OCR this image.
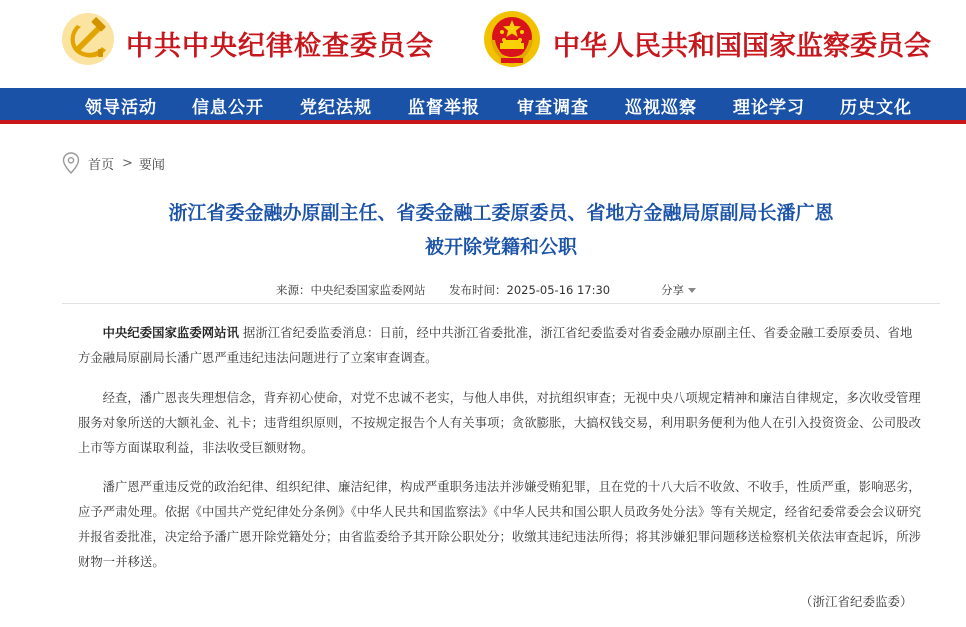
中共中央纪律检查委员会	中华人民共和国国家监察委员会
领导活动 信息公开 党纪法规 监督举报 审查调查 巡视巡察 理论学习 历史文化
首页 > 要闻
浙江省委金融办原副主任、省委金融工委原委员、省地方金融局原副局长潘广恩
被开除党籍和公职
来源：中央纪委国家监委网站 发布时间：2025-05-16 17:30	分享
中央纪委国家监委网站讯 据浙江省纪委监委消息：日前，经中共浙江省委批准，浙江省纪委监委对省委金融办原副主任、省委金融工委原委员、省地方金融局原副局长潘广恩严重违纪违法问题进行了立案审查调查。
经查，潘广恩丧失理想信念，背弃初心使命，对党不忠诚不老实，与他人串供，对抗组织审查；无视中央八项规定精神和廉洁自律规定，多次收受管理服务对象所送的大额礼金、礼卡；违背组织原则，不按规定报告个人有关事项；贪欲膨胀，大搞权钱交易，利用职务便利为他人在引入投资资金、公司股改上市等方面谋取利益，非法收受巨额财物。
潘广恩严重违反党的政治纪律、组织纪律、廉洁纪律，构成严重职务违法并涉嫌受贿犯罪，且在党的十八大后不收敛、不收手，性质严重，影响恶劣，应予严肃处理。依据《中国共产党纪律处分条例》《中华人民共和国监察法》《中华人民共和国公职人员政务处分法》等有关规定，经省纪委常委会会议研究并报省委批准，决定给予潘广恩开除党籍处分；由省监委给予其开除公职处分；收缴其违纪违法所得；将其涉嫌犯罪问题移送检察机关依法审查起诉，所涉财物一并移送。
（浙江省纪委监委）
